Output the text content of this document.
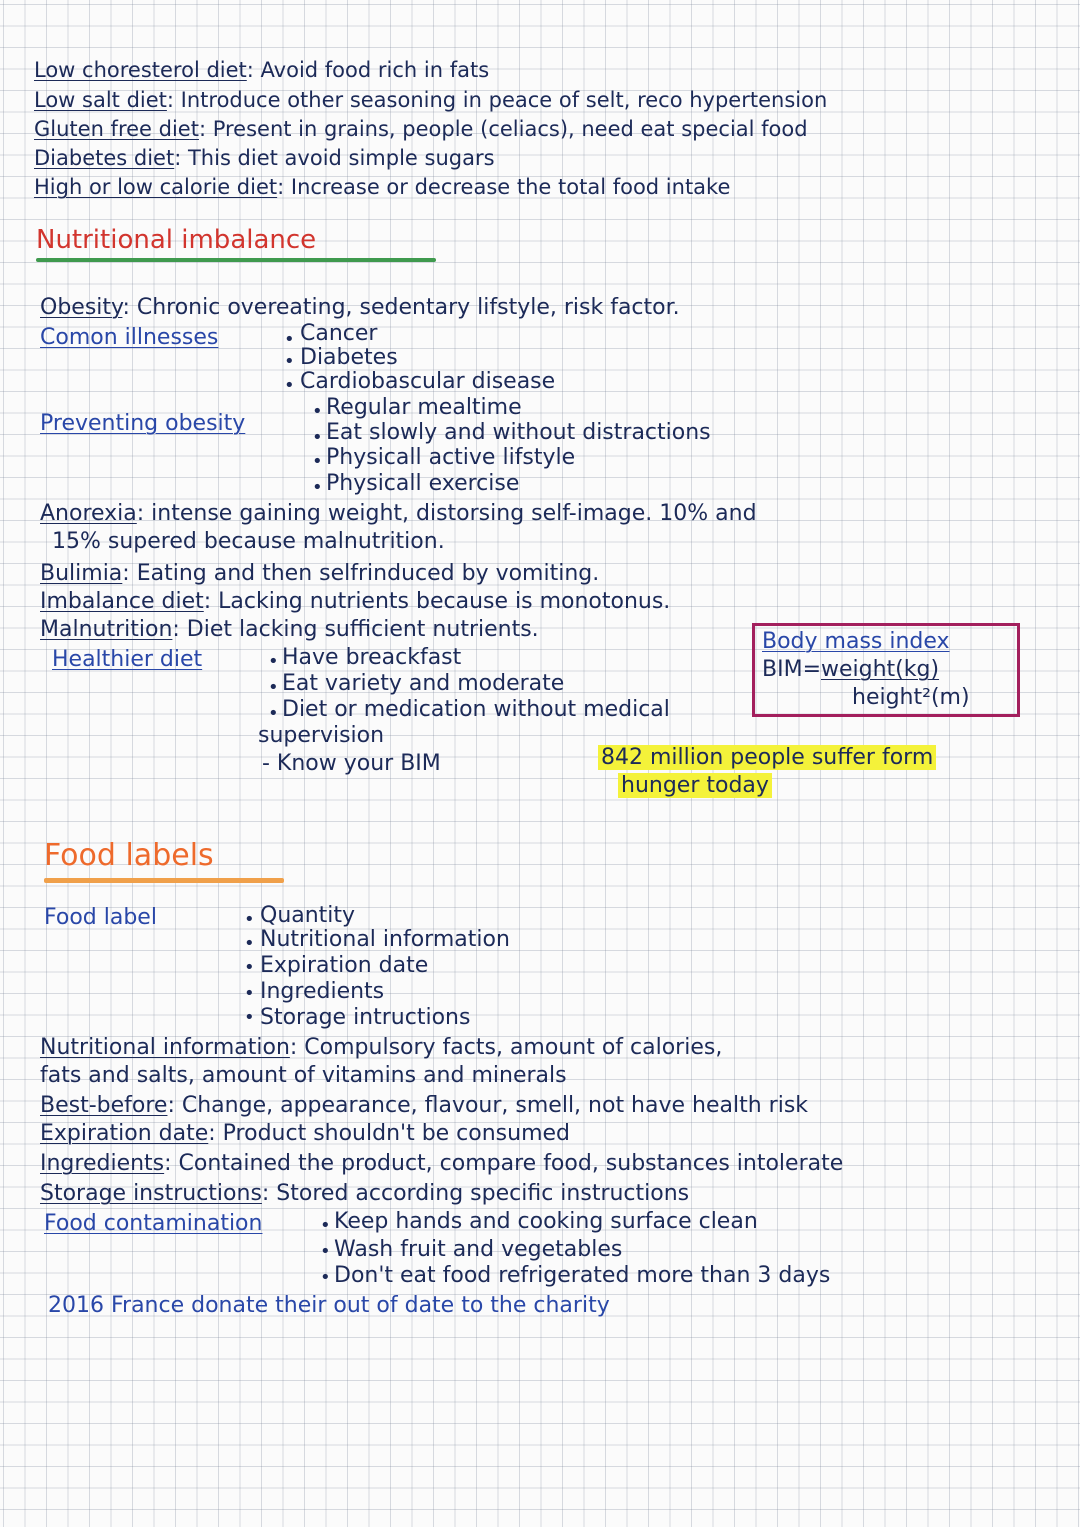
Low choresterol diet: Avoid food rich in fats
Low salt diet: Introduce other seasoning in peace of selt, reco hypertension
Gluten free diet: Present in grains, people (celiacs), need eat special food
Diabetes diet: This diet avoid simple sugars
High or low calorie diet: Increase or decrease the total food intake
Nutritional imbalance
Obesity: Chronic overeating, sedentary lifstyle, risk factor.
Comon illnesses	• Cancer
• Diabetes
• Cardiobascular disease
Preventing obesity	• Regular mealtime
• Eat slowly and without distractions
• Physicall active lifstyle
• Physicall exercise
Anorexia: intense gaining weight, distorsing self-image. 10% and
15% supered because malnutrition.
Bulimia: Eating and then selfrinduced by vomiting.
Imbalance diet: Lacking nutrients because is monotonus.
Malnutrition: Diet lacking sufficient nutrients.
Healthier diet	• Have breackfast
• Eat variety and moderate
• Diet or medication without medical
supervision
- Know your BIM
Body mass index
BIM=weight(kg)
height²(m)
842 million people suffer form
hunger today
Food labels
Food label	• Quantity
• Nutritional information
• Expiration date
• Ingredients
• Storage intructions
Nutritional information: Compulsory facts, amount of calories,
fats and salts, amount of vitamins and minerals
Best-before: Change, appearance, flavour, smell, not have health risk
Expiration date: Product shouldn't be consumed
Ingredients: Contained the product, compare food, substances intolerate
Storage instructions: Stored according specific instructions
Food contamination	• Keep hands and cooking surface clean
• Wash fruit and vegetables
• Don't eat food refrigerated more than 3 days
2016 France donate their out of date to the charity
